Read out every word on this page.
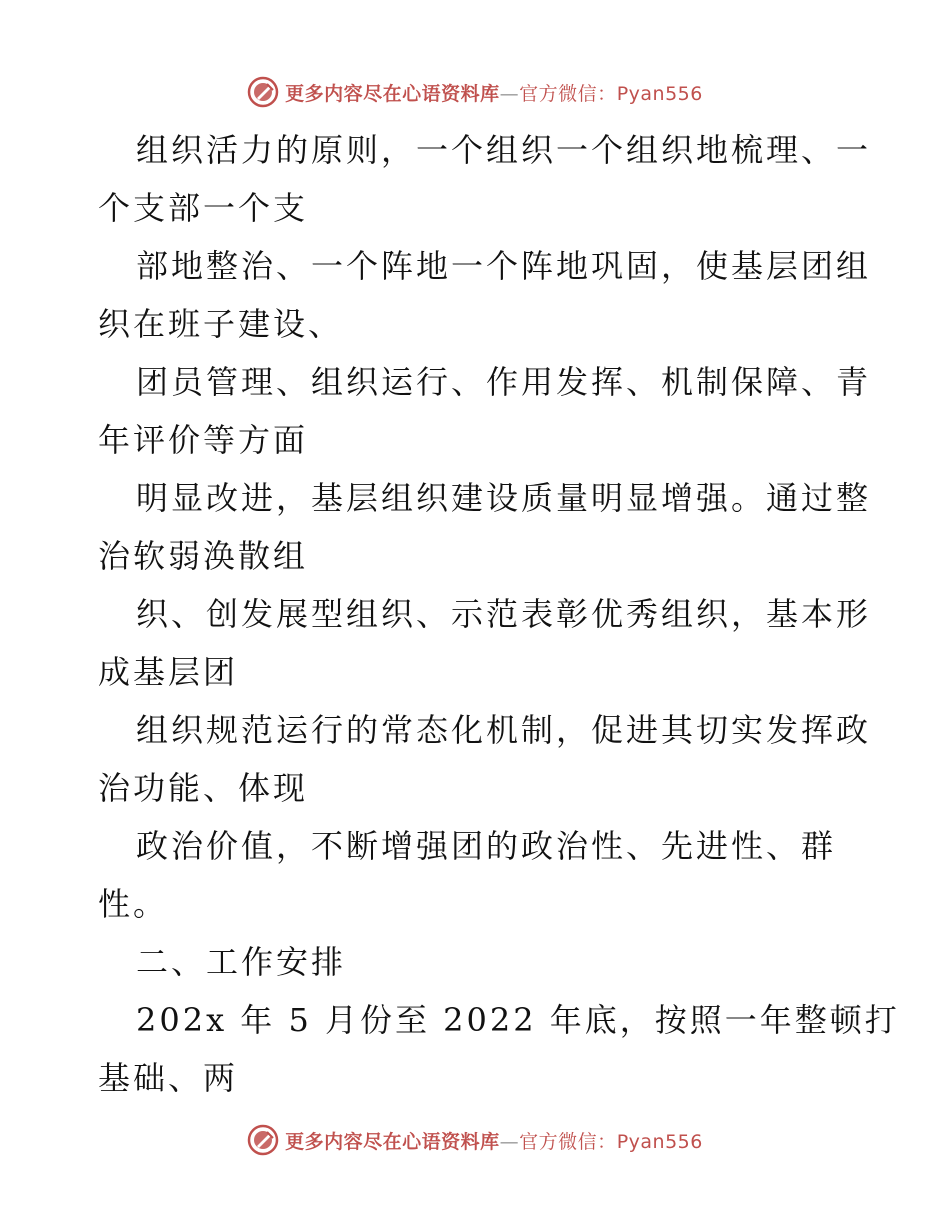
更多内容尽在心语资料库—官方微信：Pyan556
组织活力的原则，一个组织一个组织地梳理、一
个支部一个支
部地整治、一个阵地一个阵地巩固，使基层团组
织在班子建设、
团员管理、组织运行、作用发挥、机制保障、青
年评价等方面
明显改进，基层组织建设质量明显增强。通过整
治软弱涣散组
织、创发展型组织、示范表彰优秀组织，基本形
成基层团
组织规范运行的常态化机制，促进其切实发挥政
治功能、体现
政治价值，不断增强团的政治性、先进性、群
性。
二、工作安排
202x 年 5 月份至 2022 年底，按照一年整顿打
基础、两
更多内容尽在心语资料库—官方微信：Pyan556
